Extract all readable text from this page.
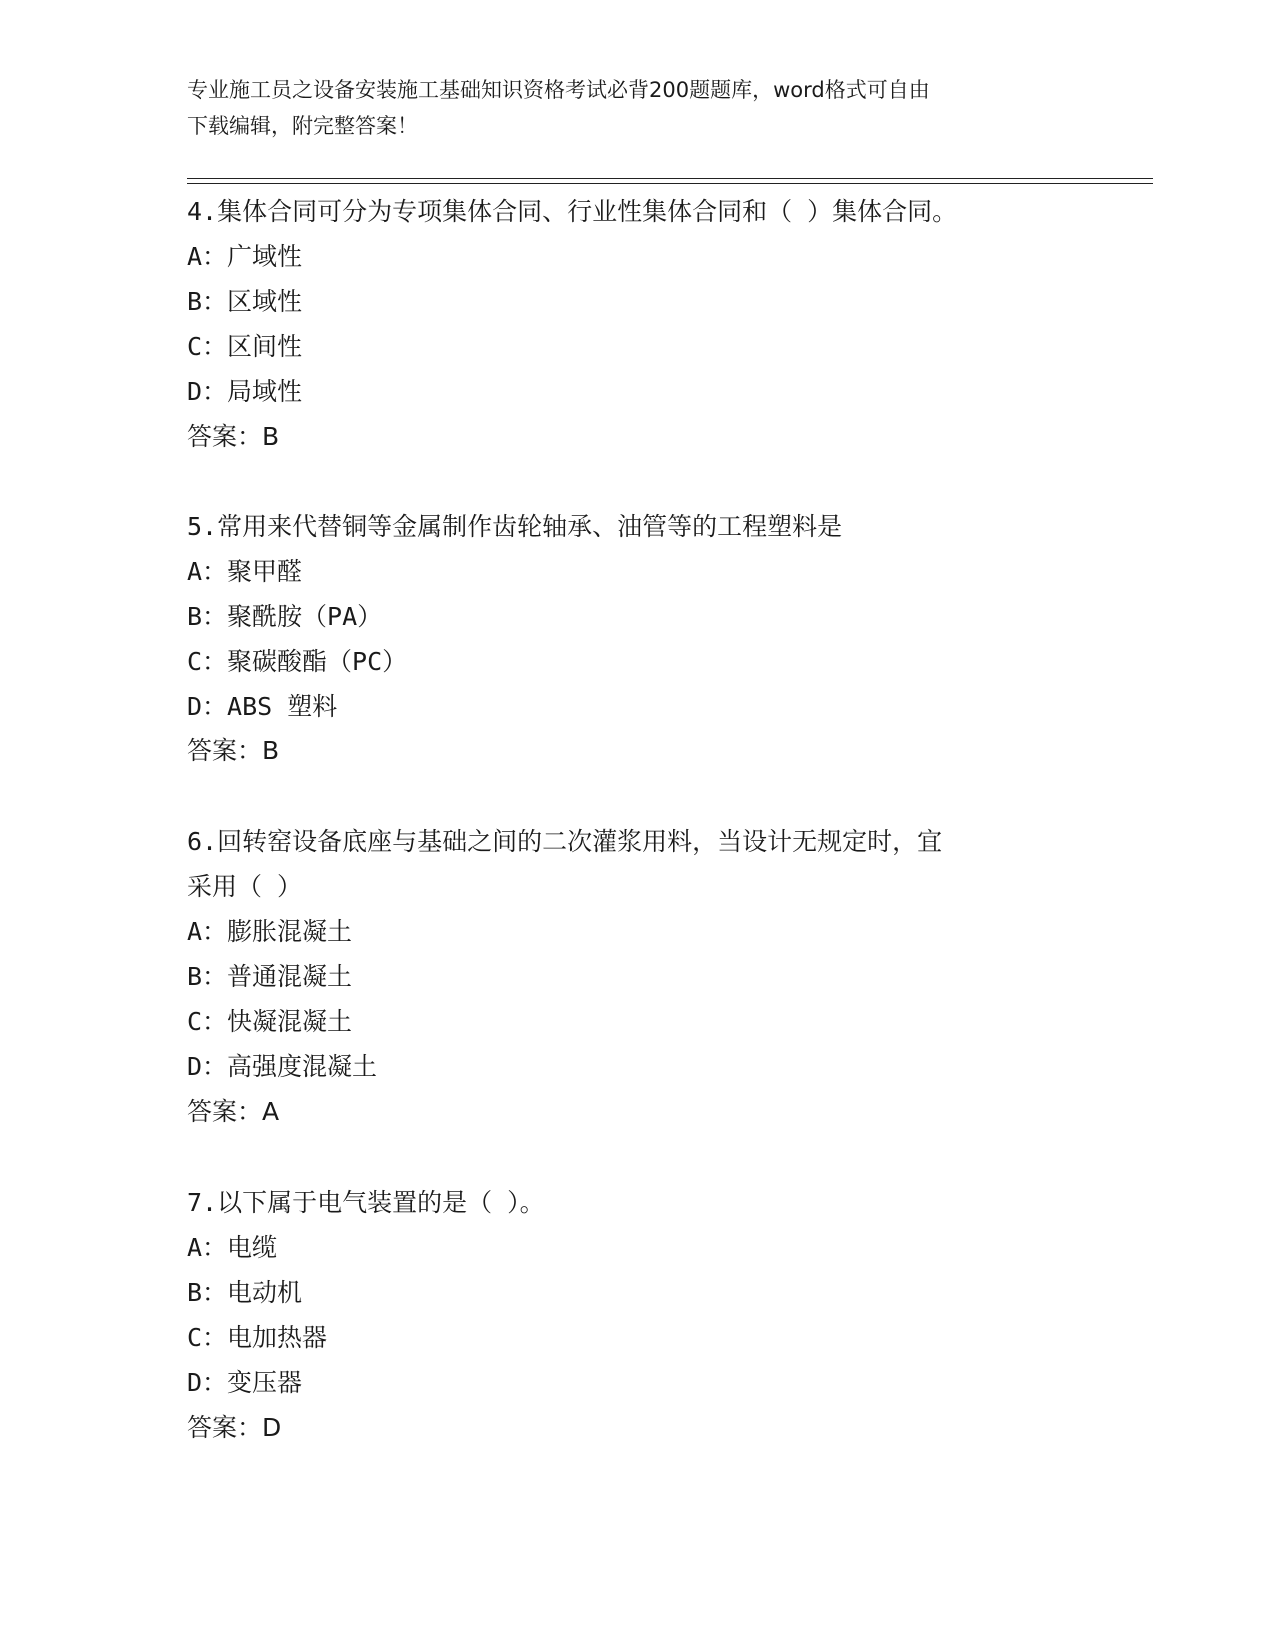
专业施工员之设备安装施工基础知识资格考试必背200题题库，word格式可自由
下载编辑，附完整答案！
4.集体合同可分为专项集体合同、行业性集体合同和（ ）集体合同。
A：广域性
B：区域性
C：区间性
D：局域性
答案：B
5.常用来代替铜等金属制作齿轮轴承、油管等的工程塑料是
A：聚甲醛
B：聚酰胺（PA）
C：聚碳酸酯（PC）
D：ABS 塑料
答案：B
6.回转窑设备底座与基础之间的二次灌浆用料，当设计无规定时，宜
采用（ ）
A：膨胀混凝土
B：普通混凝土
C：快凝混凝土
D：高强度混凝土
答案：A
7.以下属于电气装置的是（ ）。
A：电缆
B：电动机
C：电加热器
D：变压器
答案：D
